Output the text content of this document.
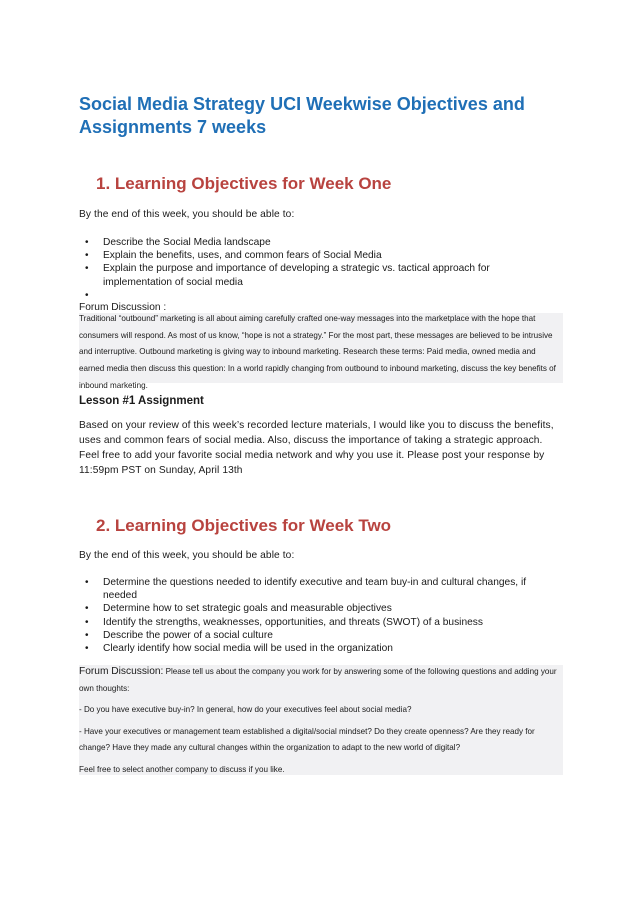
Social Media Strategy UCI Weekwise Objectives and Assignments 7 weeks
1. Learning Objectives for Week One
By the end of this week, you should be able to:
• Describe the Social Media landscape
• Explain the benefits, uses, and common fears of Social Media
• Explain the purpose and importance of developing a strategic vs. tactical approach for implementation of social media
•
Forum Discussion :
Traditional “outbound” marketing is all about aiming carefully crafted one-way messages into the marketplace with the hope that consumers will respond. As most of us know, “hope is not a strategy.” For the most part, these messages are believed to be intrusive and interruptive. Outbound marketing is giving way to inbound marketing. Research these terms: Paid media, owned media and earned media then discuss this question: In a world rapidly changing from outbound to inbound marketing, discuss the key benefits of inbound marketing.
Lesson #1 Assignment
Based on your review of this week’s recorded lecture materials, I would like you to discuss the benefits, uses and common fears of social media. Also, discuss the importance of taking a strategic approach. Feel free to add your favorite social media network and why you use it. Please post your response by 11:59pm PST on Sunday, April 13th
2. Learning Objectives for Week Two
By the end of this week, you should be able to:
• Determine the questions needed to identify executive and team buy-in and cultural changes, if needed
• Determine how to set strategic goals and measurable objectives
• Identify the strengths, weaknesses, opportunities, and threats (SWOT) of a business
• Describe the power of a social culture
• Clearly identify how social media will be used in the organization
Forum Discussion: Please tell us about the company you work for by answering some of the following questions and adding your own thoughts:
- Do you have executive buy-in? In general, how do your executives feel about social media?
- Have your executives or management team established a digital/social mindset? Do they create openness? Are they ready for change? Have they made any cultural changes within the organization to adapt to the new world of digital?
Feel free to select another company to discuss if you like.
